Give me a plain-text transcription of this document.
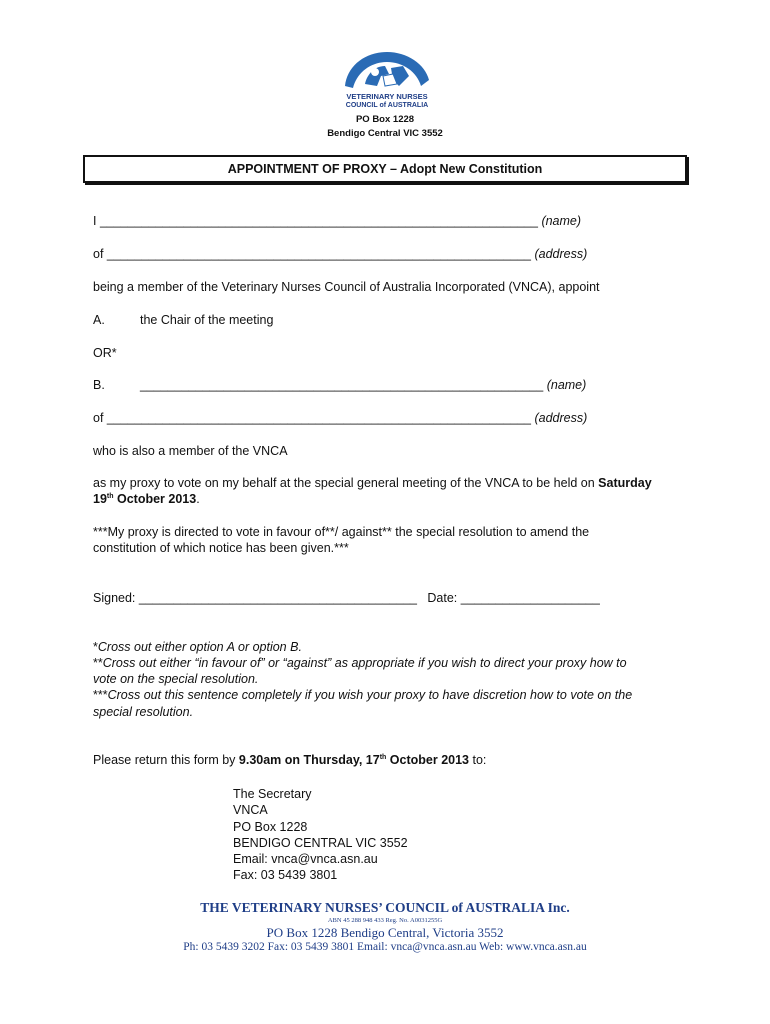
VETERINARY NURSES
COUNCIL of AUSTRALIA
PO Box 1228
Bendigo Central VIC 3552
APPOINTMENT OF PROXY – Adopt New Constitution
I _______________________________________________________________ (name)
of _____________________________________________________________ (address)
being a member of the Veterinary Nurses Council of Australia Incorporated (VNCA), appoint
A.	the Chair of the meeting
OR*
B.	__________________________________________________________ (name)
of _____________________________________________________________ (address)
who is also a member of the VNCA
as my proxy to vote on my behalf at the special general meeting of the VNCA to be held on Saturday
19th October 2013.
***My proxy is directed to vote in favour of**/ against** the special resolution to amend the
constitution of which notice has been given.***
Signed: ________________________________________ Date: ____________________
*Cross out either option A or option B.
**Cross out either “in favour of” or “against” as appropriate if you wish to direct your proxy how to
vote on the special resolution.
***Cross out this sentence completely if you wish your proxy to have discretion how to vote on the
special resolution.
Please return this form by 9.30am on Thursday, 17th October 2013 to:
The Secretary
VNCA
PO Box 1228
BENDIGO CENTRAL VIC 3552
Email: vnca@vnca.asn.au
Fax: 03 5439 3801
THE VETERINARY NURSES’ COUNCIL of AUSTRALIA Inc.
ABN 45 288 948 433 Reg. No. A0031255G
PO Box 1228 Bendigo Central, Victoria 3552
Ph: 03 5439 3202 Fax: 03 5439 3801 Email: vnca@vnca.asn.au Web: www.vnca.asn.au
